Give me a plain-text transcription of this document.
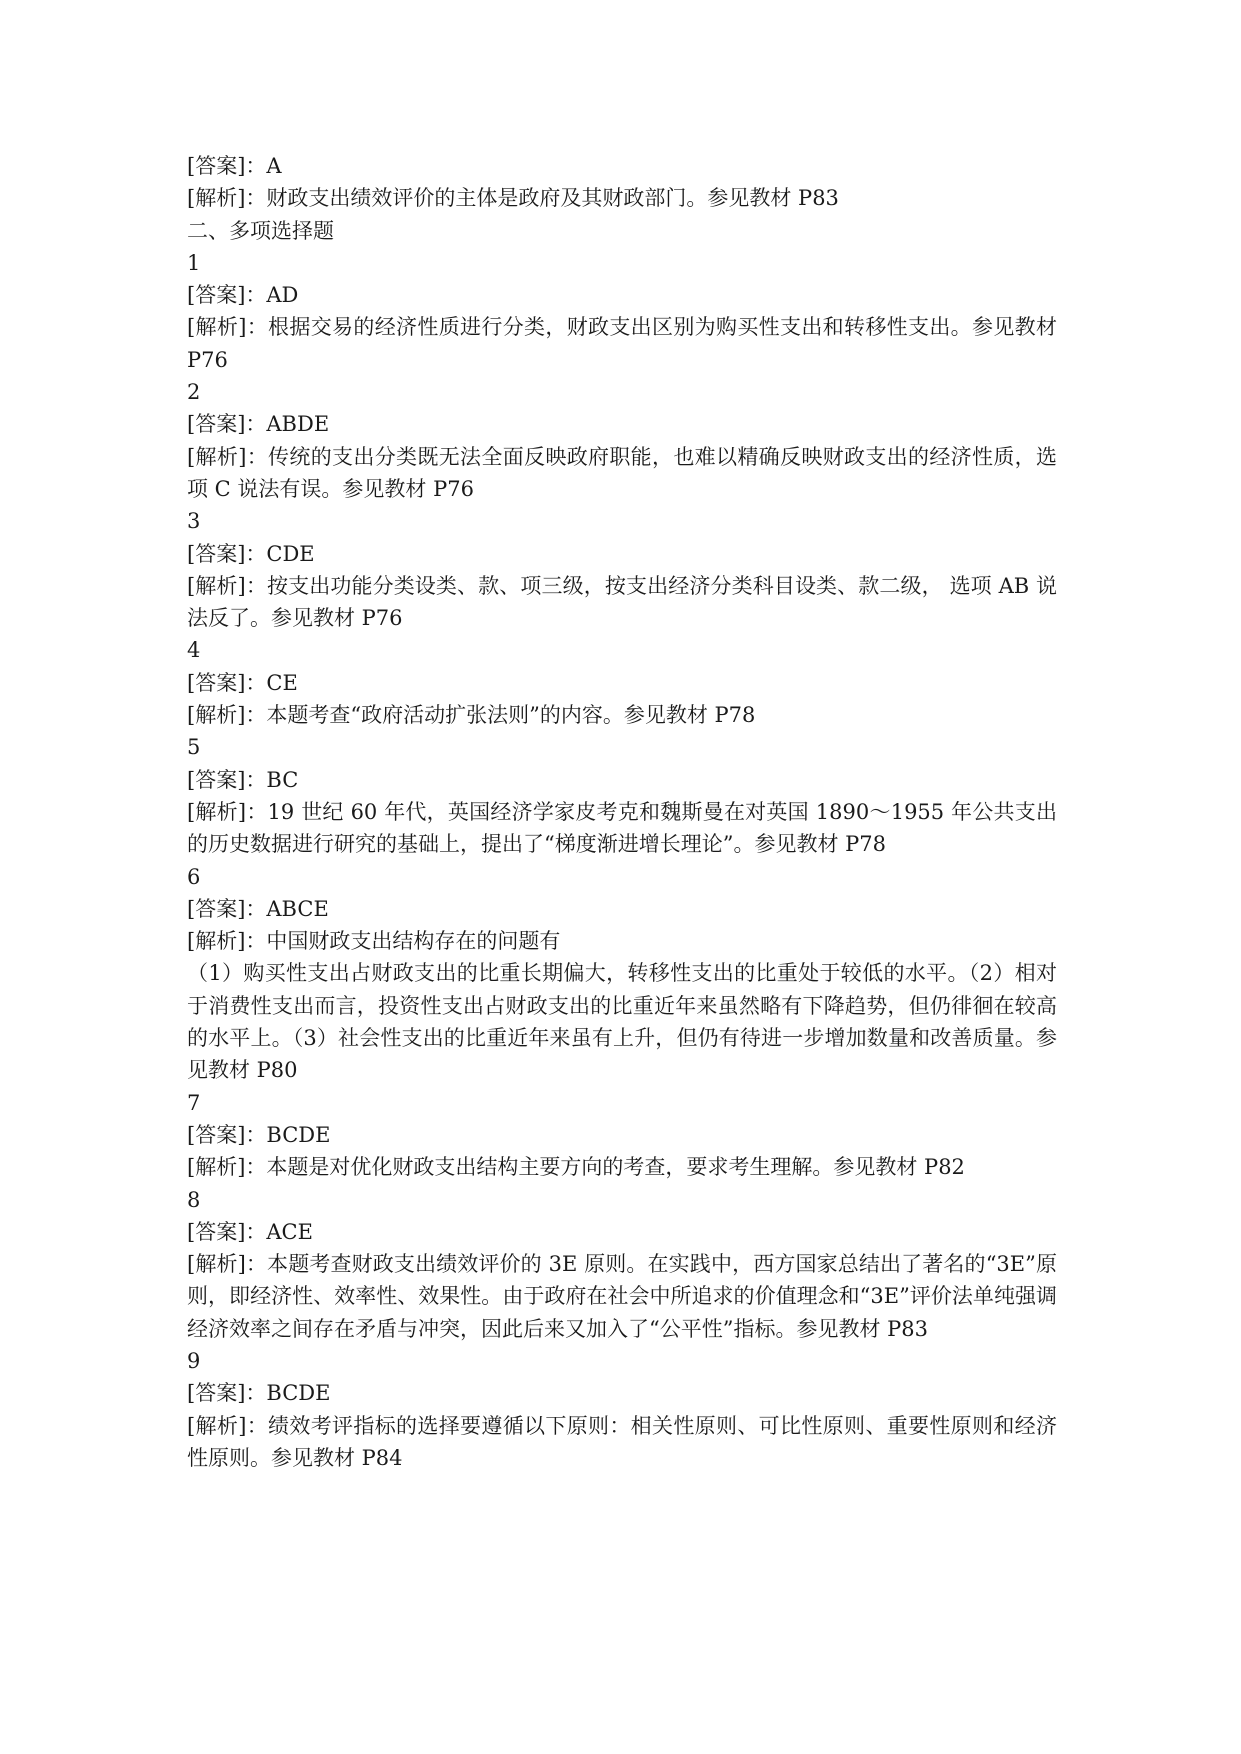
[答案]：A
[解析]：财政支出绩效评价的主体是政府及其财政部门。参见教材 P83
二、多项选择题
1
[答案]：AD
[解析]：根据交易的经济性质进行分类，财政支出区别为购买性支出和转移性支出。参见教材 P76
2
[答案]：ABDE
[解析]：传统的支出分类既无法全面反映政府职能，也难以精确反映财政支出的经济性质，选项 C 说法有误。参见教材 P76
3
[答案]：CDE
[解析]：按支出功能分类设类、款、项三级，按支出经济分类科目设类、款二级， 选项 AB 说法反了。参见教材 P76
4
[答案]：CE
[解析]：本题考查“政府活动扩张法则”的内容。参见教材 P78
5
[答案]：BC
[解析]：19 世纪 60 年代，英国经济学家皮考克和魏斯曼在对英国 1890～1955 年公共支出的历史数据进行研究的基础上，提出了“梯度渐进增长理论”。参见教材 P78
6
[答案]：ABCE
[解析]：中国财政支出结构存在的问题有
（1）购买性支出占财政支出的比重长期偏大，转移性支出的比重处于较低的水平。（2）相对于消费性支出而言，投资性支出占财政支出的比重近年来虽然略有下降趋势，但仍徘徊在较高的水平上。（3）社会性支出的比重近年来虽有上升，但仍有待进一步增加数量和改善质量。参见教材 P80
7
[答案]：BCDE
[解析]：本题是对优化财政支出结构主要方向的考查，要求考生理解。参见教材 P82
8
[答案]：ACE
[解析]：本题考查财政支出绩效评价的 3E 原则。在实践中，西方国家总结出了著名的“3E”原则，即经济性、效率性、效果性。由于政府在社会中所追求的价值理念和“3E”评价法单纯强调经济效率之间存在矛盾与冲突，因此后来又加入了“公平性”指标。参见教材 P83
9
[答案]：BCDE
[解析]：绩效考评指标的选择要遵循以下原则：相关性原则、可比性原则、重要性原则和经济性原则。参见教材 P84
